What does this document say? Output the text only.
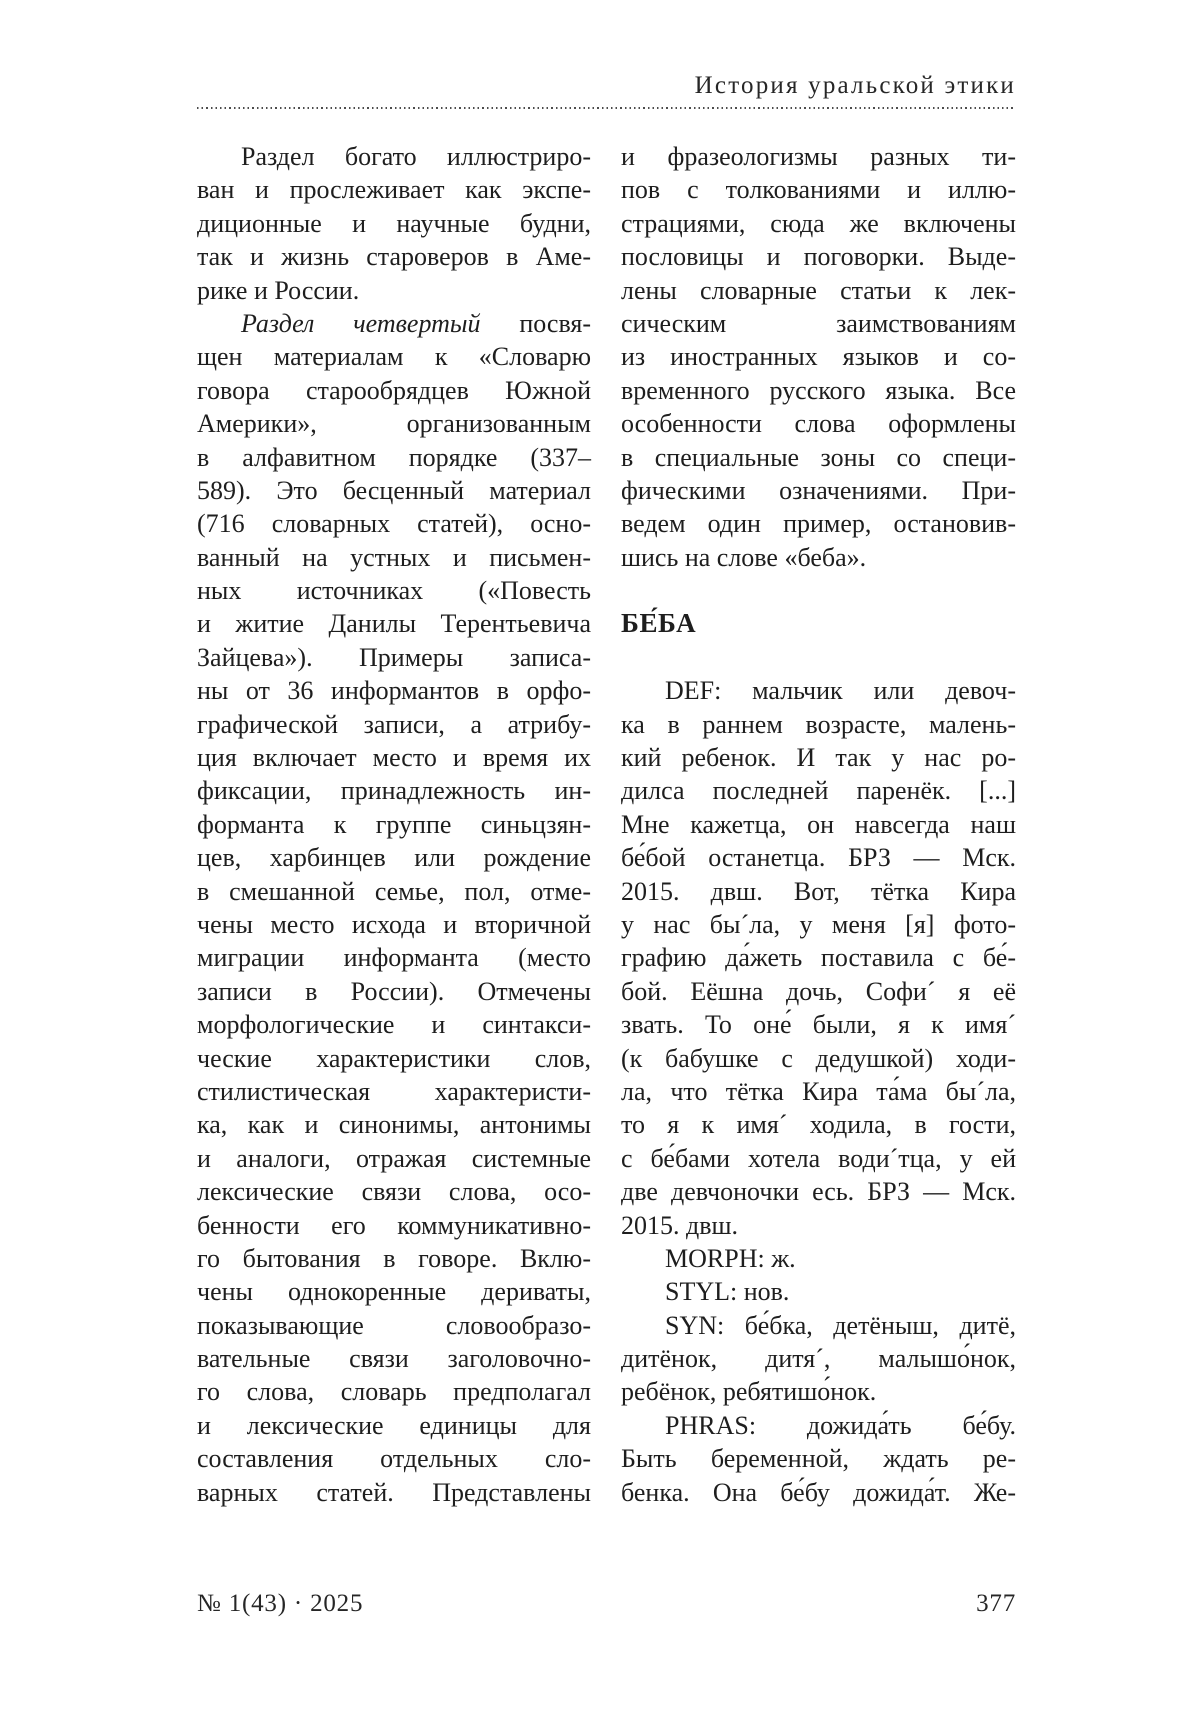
История уральской этики
Раздел богато иллюстриро-
ван и прослеживает как экспе-
диционные и научные будни,
так и жизнь староверов в Аме-
рике и России.
Раздел четвертый посвя-
щен материалам к «Словарю
говора старообрядцев Южной
Америки», организованным
в алфавитном порядке (337–
589). Это бесценный материал
(716 словарных статей), осно-
ванный на устных и письмен-
ных источниках («Повесть
и житие Данилы Терентьевича
Зайцева»). Примеры записа-
ны от 36 информантов в орфо-
графической записи, а атрибу-
ция включает место и время их
фиксации, принадлежность ин-
форманта к группе синьцзян-
цев, харбинцев или рождение
в смешанной семье, пол, отме-
чены место исхода и вторичной
миграции информанта (место
записи в России). Отмечены
морфологические и синтакси-
ческие характеристики слов,
стилистическая характеристи-
ка, как и синонимы, антонимы
и аналоги, отражая системные
лексические связи слова, осо-
бенности его коммуникативно-
го бытования в говоре. Вклю-
чены однокоренные дериваты,
показывающие словообразо-
вательные связи заголовочно-
го слова, словарь предполагал
и лексические единицы для
составления отдельных сло-
варных статей. Представлены
и фразеологизмы разных ти-
пов с толкованиями и иллю-
страциями, сюда же включены
пословицы и поговорки. Выде-
лены словарные статьи к лек-
сическим заимствованиям
из иностранных языков и со-
временного русского языка. Все
особенности слова оформлены
в специальные зоны со специ-
фическими означениями. При-
ведем один пример, остановив-
шись на слове «беба».
БЕ́БА
DEF: мальчик или девоч-
ка в раннем возрасте, малень-
кий ребенок. И так у нас ро-
дилса последней паренёк. [...]
Мне кажетца, он навсегда наш
бе́бой останетца. БРЗ — Мск.
2015. двш. Вот, тётка Кира
у нас бы´ла, у меня [я] фото-
графию да́жеть поставила с бе́-
бой. Еёшна дочь, Софи´ я её
звать. То оне́ были, я к имя´
(к бабушке с дедушкой) ходи-
ла, что тётка Кира та́ма бы´ла,
то я к имя´ ходила, в гости,
с бе́бами хотела води´тца, у ей
две девчоночки есь. БРЗ — Мск.
2015. двш.
MORPH: ж.
STYL: нов.
SYN: бе́бка, детёныш, дитё,
дитёнок, дитя´, малышо́нок,
ребёнок, ребятишо́нок.
PHRAS: дожида́ть бе́бу.
Быть беременной, ждать ре-
бенка. Она бе́бу дожида́т. Же-
№ 1(43) · 2025	377
